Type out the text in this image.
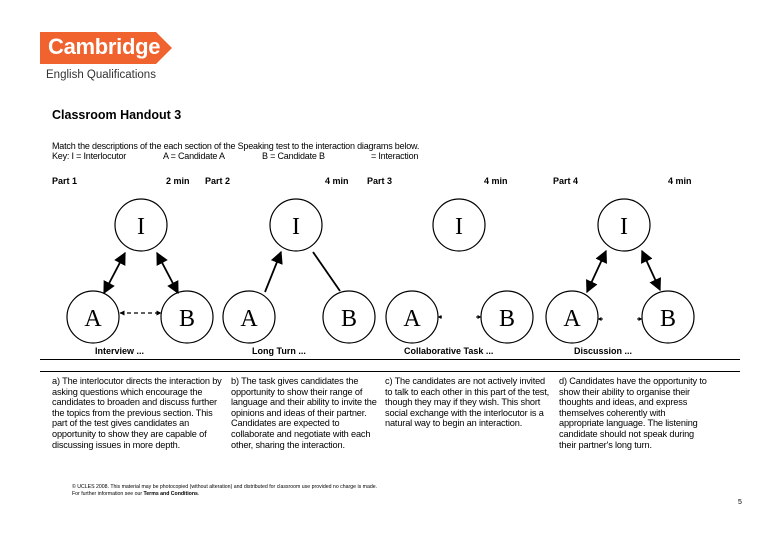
Cambridge
English Qualifications
Classroom Handout 3
Match the descriptions of the each section of the Speaking test to the interaction diagrams below.
Key: I = Interlocutor	A = Candidate A	B = Candidate B	= Interaction
Part 1	2 min Part 2	4 min Part 3	4 min	Part 4	4 min
I
A	B
I
A	B
I
A	B
I
A	B
Interview ...	Long Turn ...	Collaborative Task ...	Discussion ...
a) The interlocutor directs the interaction by asking questions which encourage the candidates to broaden and discuss further the topics from the previous section. This part of the test gives candidates an opportunity to show they are capable of discussing issues in more depth.
b) The task gives candidates the opportunity to show their range of language and their ability to invite the opinions and ideas of their partner. Candidates are expected to collaborate and negotiate with each other, sharing the interaction.
c) The candidates are not actively invited to talk to each other in this part of the test, though they may if they wish. This short social exchange with the interlocutor is a natural way to begin an interaction.
d) Candidates have the opportunity to show their ability to organise their thoughts and ideas, and express themselves coherently with appropriate language. The listening candidate should not speak during their partner's long turn.
© UCLES 2008. This material may be photocopied (without alteration) and distributed for classroom use provided no charge is made.
For further information see our Terms and Conditions.
5
